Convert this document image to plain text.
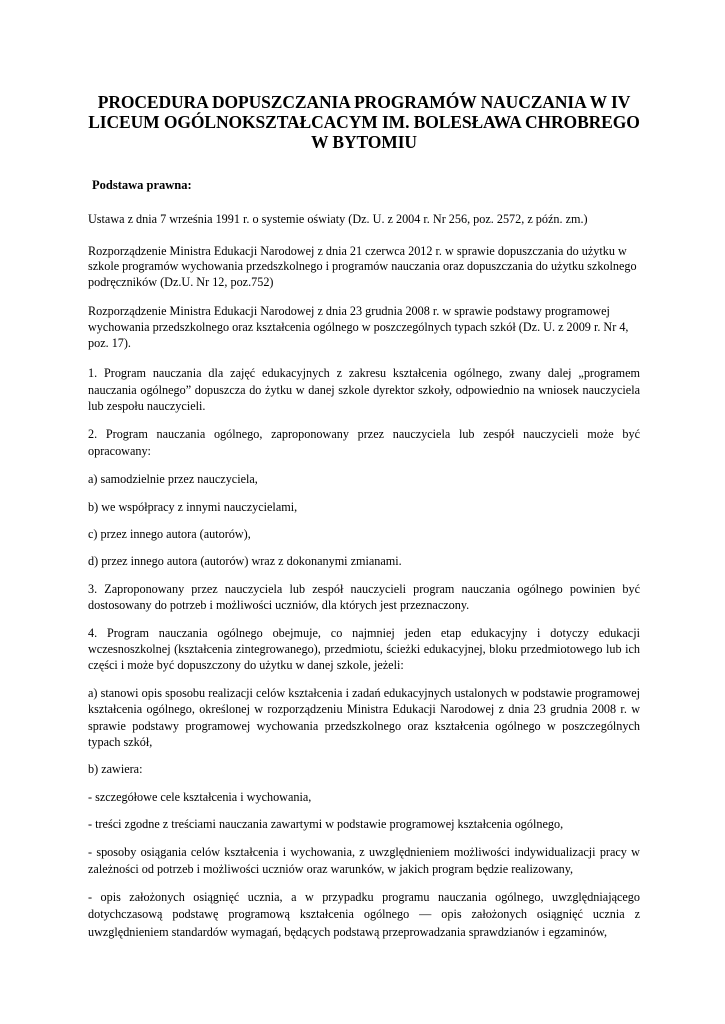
PROCEDURA DOPUSZCZANIA PROGRAMÓW NAUCZANIA W IV
LICEUM OGÓLNOKSZTAŁCACYM IM. BOLESŁAWA CHROBREGO
W BYTOMIU
Podstawa prawna:

Ustawa z dnia 7 września 1991 r. o systemie oświaty (Dz. U. z 2004 r. Nr 256, poz. 2572, z późn. zm.)

Rozporządzenie Ministra Edukacji Narodowej z dnia 21 czerwca 2012 r. w sprawie dopuszczania do użytku w szkole programów wychowania przedszkolnego i programów nauczania oraz dopuszczania do użytku szkolnego podręczników (Dz.U. Nr 12, poz.752)

Rozporządzenie Ministra Edukacji Narodowej z dnia 23 grudnia 2008 r. w sprawie podstawy programowej wychowania przedszkolnego oraz kształcenia ogólnego w poszczególnych typach szkół (Dz. U. z 2009 r. Nr 4, poz. 17).

1. Program nauczania dla zajęć edukacyjnych z zakresu kształcenia ogólnego, zwany dalej „programem nauczania ogólnego” dopuszcza do żytku w danej szkole dyrektor szkoły, odpowiednio na wniosek nauczyciela lub zespołu nauczycieli.

2. Program nauczania ogólnego, zaproponowany przez nauczyciela lub zespół nauczycieli może być opracowany:

a) samodzielnie przez nauczyciela,

b) we współpracy z innymi nauczycielami,

c) przez innego autora (autorów),

d) przez innego autora (autorów) wraz z dokonanymi zmianami.

3. Zaproponowany przez nauczyciela lub zespół nauczycieli program nauczania ogólnego powinien być dostosowany do potrzeb i możliwości uczniów, dla których jest przeznaczony.

4. Program nauczania ogólnego obejmuje, co najmniej jeden etap edukacyjny i dotyczy edukacji wczesnoszkolnej (kształcenia zintegrowanego), przedmiotu, ścieżki edukacyjnej, bloku przedmiotowego lub ich części i może być dopuszczony do użytku w danej szkole, jeżeli:

a) stanowi opis sposobu realizacji celów kształcenia i zadań edukacyjnych ustalonych w podstawie programowej kształcenia ogólnego, określonej w rozporządzeniu Ministra Edukacji Narodowej z dnia 23 grudnia 2008 r. w sprawie podstawy programowej wychowania przedszkolnego oraz kształcenia ogólnego w poszczególnych typach szkół,

b) zawiera:

- szczegółowe cele kształcenia i wychowania,

- treści zgodne z treściami nauczania zawartymi w podstawie programowej kształcenia ogólnego,

- sposoby osiągania celów kształcenia i wychowania, z uwzględnieniem możliwości indywidualizacji pracy w zależności od potrzeb i możliwości uczniów oraz warunków, w jakich program będzie realizowany,

- opis założonych osiągnięć ucznia, a w przypadku programu nauczania ogólnego, uwzględniającego dotychczasową podstawę programową kształcenia ogólnego — opis założonych osiągnięć ucznia z uwzględnieniem standardów wymagań, będących podstawą przeprowadzania sprawdzianów i egzaminów,
